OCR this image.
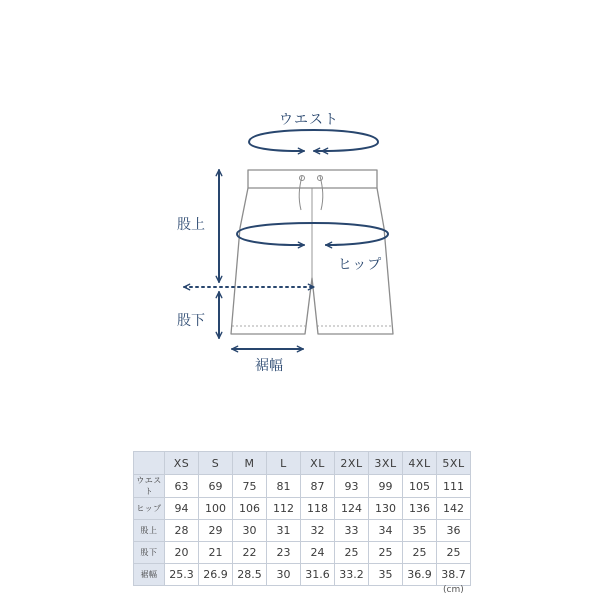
ウエスト
股上
ヒップ
股下
裾幅
	XS	S	M	L	XL	2XL	3XL	4XL	5XL
ウエスト	63	69	75	81	87	93	99	105	111
ヒップ	94	100	106	112	118	124	130	136	142
股上	28	29	30	31	32	33	34	35	36
股下	20	21	22	23	24	25	25	25	25
裾幅	25.3	26.9	28.5	30	31.6	33.2	35	36.9	38.7
(cm)
